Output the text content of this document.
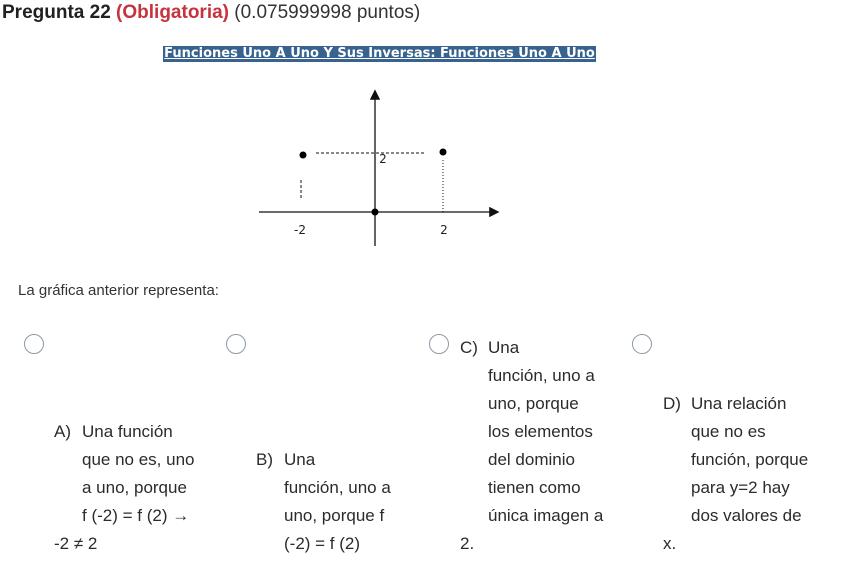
Pregunta 22 (Obligatoria) (0.075999998 puntos)
Funciones Uno A Uno Y Sus Inversas: Funciones Uno A Uno
-2	2
2
La gráfica anterior representa:
A) Una función
que no es, uno
a uno, porque
f (-2) = f (2) →
-2 ≠ 2
B) Una
función, uno a
uno, porque f
(-2) = f (2)
C) Una
función, uno a
uno, porque
los elementos
del dominio
tienen como
única imagen a
2.
D) Una relación
que no es
función, porque
para y=2 hay
dos valores de
x.
